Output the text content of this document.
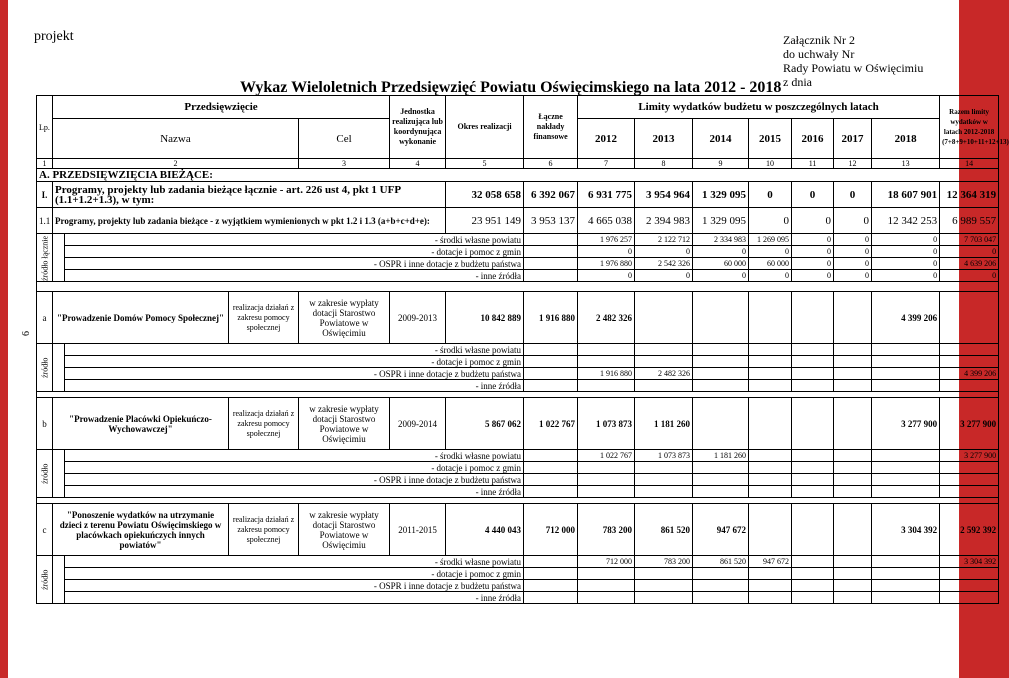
projekt	Załącznik Nr 2
do uchwały Nr
Rady Powiatu w Oświęcimiu
z dnia
Wykaz Wieloletnich Przedsięwzięć Powiatu Oświęcimskiego na lata 2012 - 2018
6
Lp.	Przedsięwzięcie				Jednostka realizująca lub koordynująca wykonanie	Okres realizacji	Łączne nakłady finansowe	Limity wydatków budżetu w poszczególnych latach							Razem limity wydatków w latach 2012-2018 (7+8+9+10+11+12+13)	
	Nazwa			Cel				2012	2013	2014	2015	2016	2017	2018		
1	2			3	4	5	6	7	8	9	10	11	12	13	14	
A. PRZEDSIĘWZIĘCIA BIEŻĄCE:																
I.	Programy, projekty lub zadania bieżące łącznie - art. 226 ust 4, pkt 1 UFP (1.1+1.2+1.3), w tym:					32 058 658	6 392 067	6 931 775	3 954 964	1 329 095	0	0	0	18 607 901	12 364 319	
1.1	Programy, projekty lub zadania bieżące - z wyjątkiem wymienionych w pkt 1.2 i 1.3 (a+b+c+d+e):					23 951 149	3 953 137	4 665 038	2 394 983	1 329 095	0	0	0	12 342 253	6 989 557	
źródło łącznie		- środki własne powiatu						1 976 257	2 122 712	2 334 983	1 269 095	0	0	0	7 703 047	
		- dotacje i pomoc z gmin						0	0	0	0	0	0	0	0	
		- OSPR i inne dotacje z budżetu państwa						1 976 880	2 542 326	60 000	60 000	0	0	0	4 639 206	
		- inne źródła						0	0	0	0	0	0	0	0	

a	"Prowadzenie Domów Pomocy Społecznej"		realizacja działań z zakresu pomocy społecznej	w zakresie wypłaty dotacji Starostwo Powiatowe w Oświęcimiu	2009-2013	10 842 889	1 916 880	2 482 326						4 399 206		
źródło		- środki własne powiatu														
		- dotacje i pomoc z gmin														
		- OSPR i inne dotacje z budżetu państwa						1 916 880	2 482 326						4 399 206	
		- inne źródła														

b	"Prowadzenie Placówki Opiekuńczo-Wychowawczej"		realizacja działań z zakresu pomocy społecznej	w zakresie wypłaty dotacji Starostwo Powiatowe w Oświęcimiu	2009-2014	5 867 062	1 022 767	1 073 873	1 181 260					3 277 900	3 277 900	
źródło		- środki własne powiatu						1 022 767	1 073 873	1 181 260					3 277 900	
		- dotacje i pomoc z gmin														
		- OSPR i inne dotacje z budżetu państwa														
		- inne źródła														

c	"Ponoszenie wydatków na utrzymanie dzieci z terenu Powiatu Oświęcimskiego w placówkach opiekuńczych innych powiatów"		realizacja działań z zakresu pomocy społecznej	w zakresie wypłaty dotacji Starostwo Powiatowe w Oświęcimiu	2011-2015	4 440 043	712 000	783 200	861 520	947 672				3 304 392	2 592 392	
źródło		- środki własne powiatu						712 000	783 200	861 520	947 672				3 304 392	
		- dotacje i pomoc z gmin														
		- OSPR i inne dotacje z budżetu państwa														
		- inne źródła														
